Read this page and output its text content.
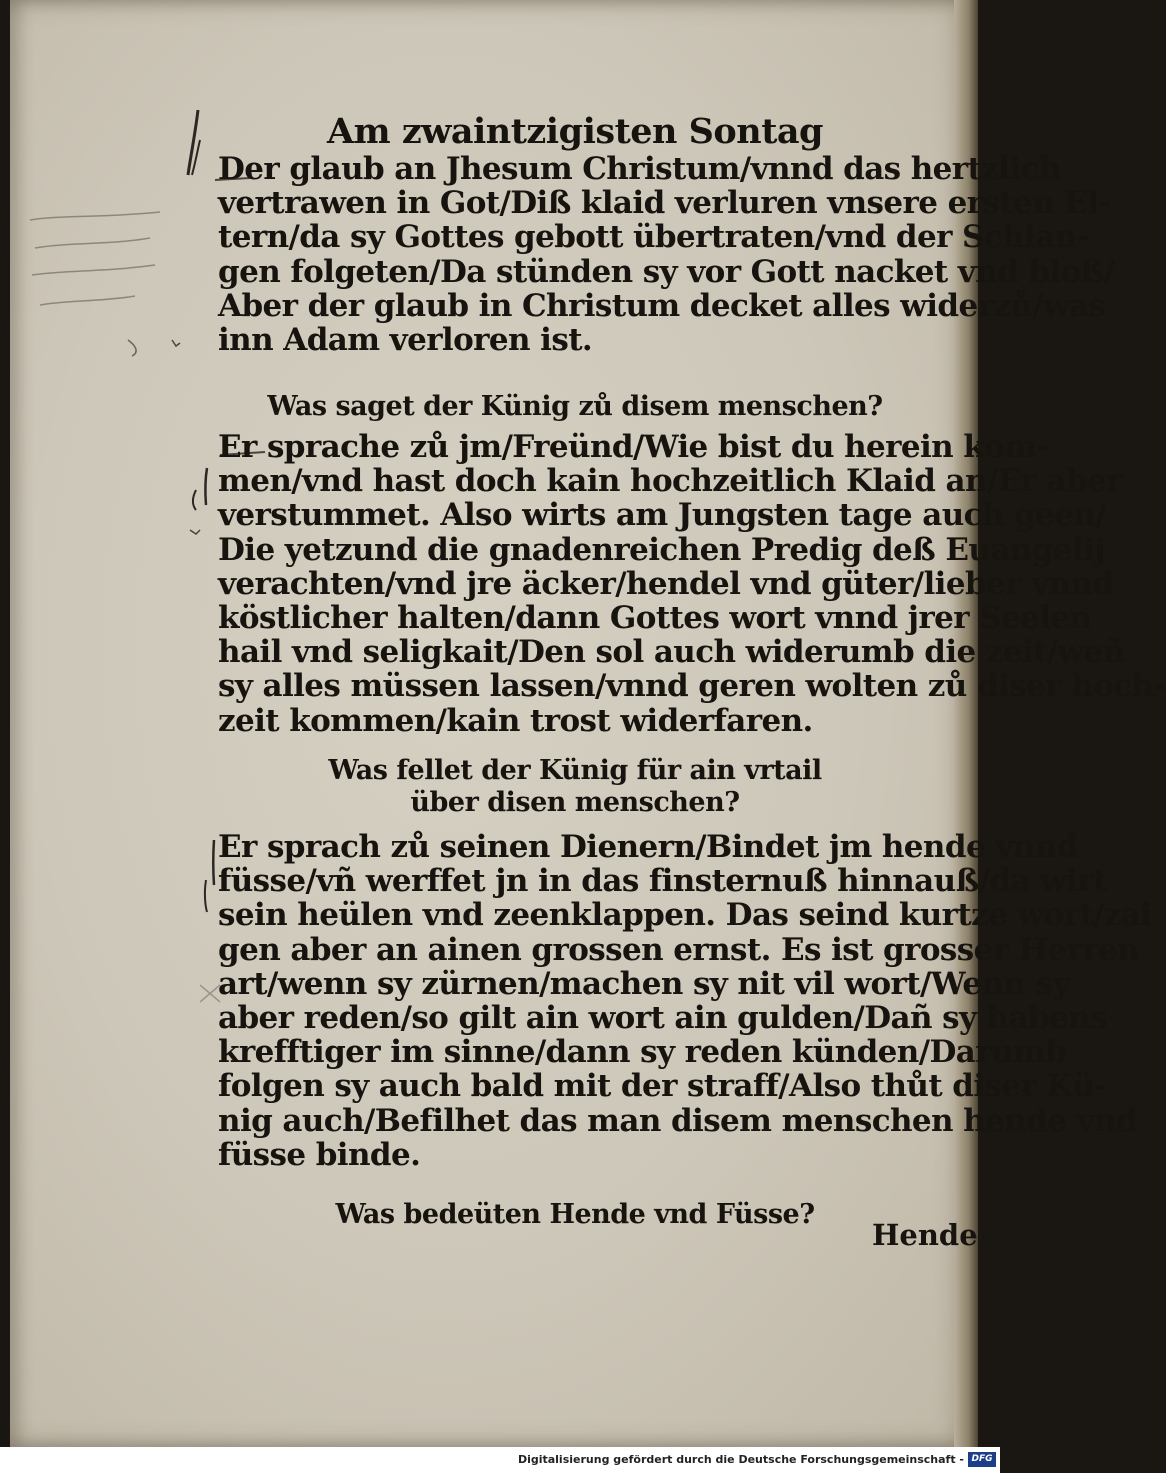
Am zwaintzigisten Sontag
Der glaub an Jhesum Christum/vnnd das hertzlich
vertrawen in Got/Diß klaid verluren vnsere ersten El-
tern/da sy Gottes gebott übertraten/vnd der Schlan-
gen folgeten/Da stünden sy vor Gott nacket vnd bloß/
Aber der glaub in Christum decket alles widerzů/was
inn Adam verloren ist.
Was saget der Künig zů disem menschen?
Er sprache zů jm/Freünd/Wie bist du herein kom-
men/vnd hast doch kain hochzeitlich Klaid an/Er aber
verstummet. Also wirts am Jungsten tage auch geen/
Die yetzund die gnadenreichen Predig deß Euangelij
verachten/vnd jre äcker/hendel vnd güter/lieber vnnd
köstlicher halten/dann Gottes wort vnnd jrer Seelen
hail vnd seligkait/Den sol auch widerumb die zeit/weñ
sy alles müssen lassen/vnnd geren wolten zů diser hoch-
zeit kommen/kain trost widerfaren.
Was fellet der Künig für ain vrtail
über disen menschen?
Er sprach zů seinen Dienern/Bindet jm hende vnnd
füsse/vñ werffet jn in das finsternuß hinnauß/da wirt
sein heülen vnd zeenklappen. Das seind kurtze wort/zai
gen aber an ainen grossen ernst. Es ist grosser Herren
art/wenn sy zürnen/machen sy nit vil wort/Wenn sy
aber reden/so gilt ain wort ain gulden/Dañ sy habens
krefftiger im sinne/dann sy reden künden/Darumb
folgen sy auch bald mit der straff/Also thůt diser Kü-
nig auch/Befilhet das man disem menschen hende vnd
füsse binde.
Was bedeüten Hende vnd Füsse?
Hende
Digitalisierung gefördert durch die Deutsche Forschungsgemeinschaft - DFG
